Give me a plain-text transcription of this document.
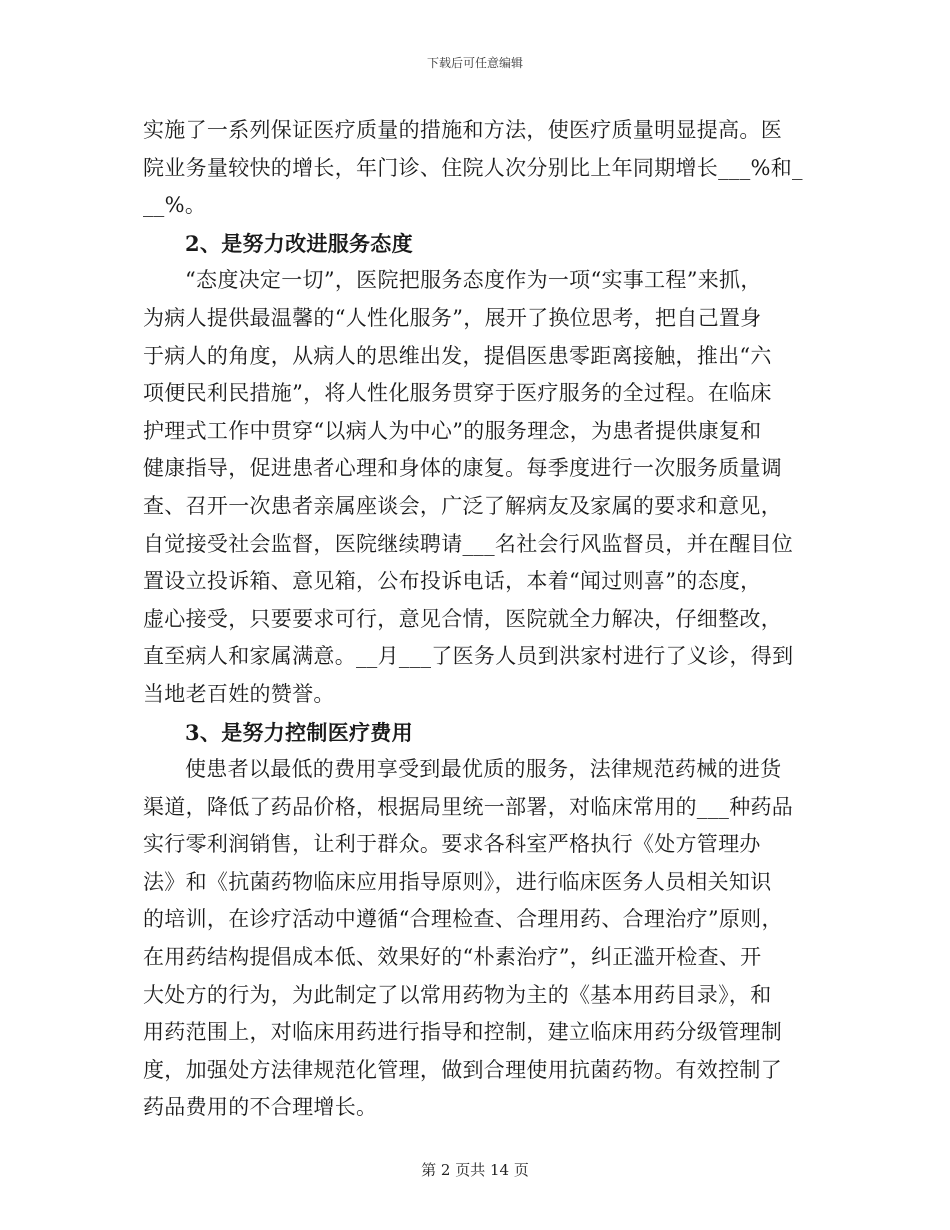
下载后可任意编辑
实施了一系列保证医疗质量的措施和方法，使医疗质量明显提高。医
院业务量较快的增长，年门诊、住院人次分别比上年同期增长___%和_
__%。
2、是努力改进服务态度
“态度决定一切”，医院把服务态度作为一项“实事工程”来抓，
为病人提供最温馨的“人性化服务”，展开了换位思考，把自己置身
于病人的角度，从病人的思维出发，提倡医患零距离接触，推出“六
项便民利民措施”，将人性化服务贯穿于医疗服务的全过程。在临床
护理式工作中贯穿“以病人为中心”的服务理念，为患者提供康复和
健康指导，促进患者心理和身体的康复。每季度进行一次服务质量调
查、召开一次患者亲属座谈会，广泛了解病友及家属的要求和意见，
自觉接受社会监督，医院继续聘请___名社会行风监督员，并在醒目位
置设立投诉箱、意见箱，公布投诉电话，本着“闻过则喜”的态度，
虚心接受，只要要求可行，意见合情，医院就全力解决，仔细整改，
直至病人和家属满意。__月___了医务人员到洪家村进行了义诊，得到
当地老百姓的赞誉。
3、是努力控制医疗费用
使患者以最低的费用享受到最优质的服务，法律规范药械的进货
渠道，降低了药品价格，根据局里统一部署，对临床常用的___种药品
实行零利润销售，让利于群众。要求各科室严格执行《处方管理办
法》和《抗菌药物临床应用指导原则》，进行临床医务人员相关知识
的培训，在诊疗活动中遵循“合理检查、合理用药、合理治疗”原则，
在用药结构提倡成本低、效果好的“朴素治疗”，纠正滥开检查、开
大处方的行为，为此制定了以常用药物为主的《基本用药目录》，和
用药范围上，对临床用药进行指导和控制，建立临床用药分级管理制
度，加强处方法律规范化管理，做到合理使用抗菌药物。有效控制了
药品费用的不合理增长。
第 2 页共 14 页
